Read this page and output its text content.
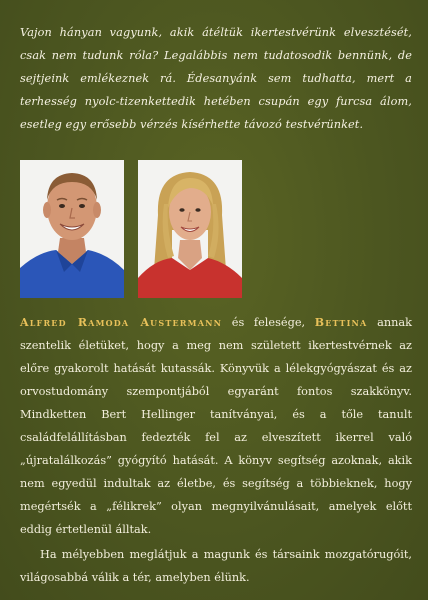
Vajon hányan vagyunk, akik átéltük ikertestvérünk elvesztését, csak nem tudunk róla? Legalábbis nem tudatosodik bennünk, de sejtjeink emlékeznek rá. Édesanyánk sem tudhatta, mert a terhesség nyolc-tizenkettedik hetében csupán egy furcsa álom, esetleg egy erősebb vérzés kísérhette távozó testvérünket.

Alfred Ramoda Austermann és felesége, Bettina annak szentelik életüket, hogy a meg nem született ikertestvérnek az előre gyakorolt hatását kutassák. Könyvük a lélekgyógyászat és az orvostudomány szempontjából egyaránt fontos szakkönyv. Mindketten Bert Hellinger tanítványai, és a tőle tanult családfelállításban fedezték fel az elveszített ikerrel való „újratalálkozás” gyógyító hatását. A könyv segítség azoknak, akik nem egyedül indultak az életbe, és segítség a többieknek, hogy megértsék a „félikrek” olyan megnyilvánulásait, amelyek előtt eddig értetlenül álltak.

Ha mélyebben meglátjuk a magunk és társaink mozgatórugóit, világosabbá válik a tér, amelyben élünk.
